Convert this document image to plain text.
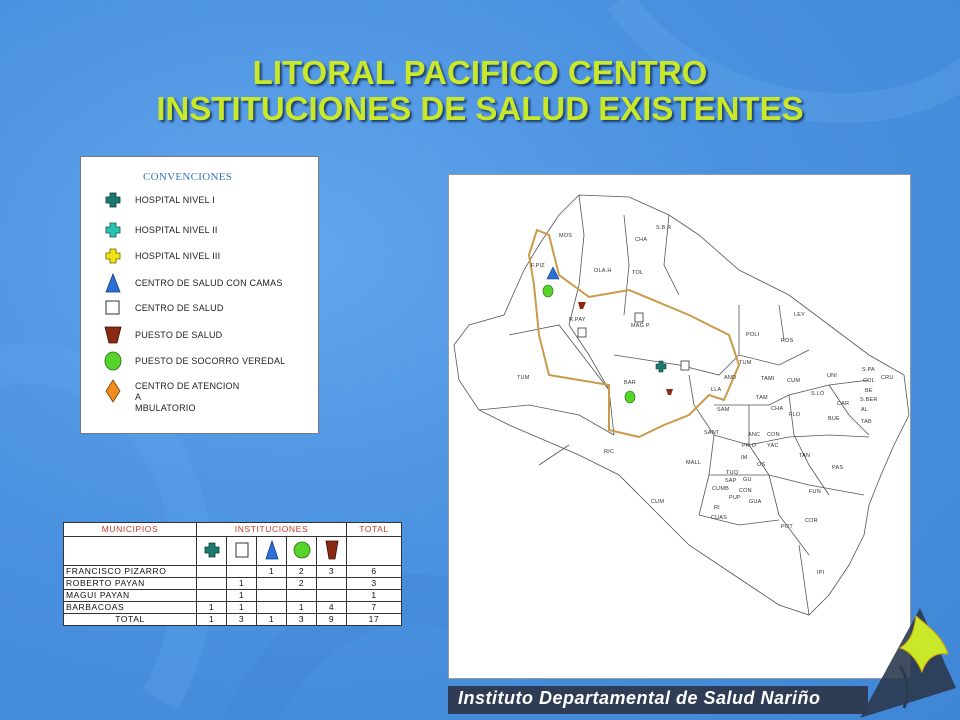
LITORAL PACIFICO CENTRO
INSTITUCIONES DE SALUD EXISTENTES
CONVENCIONES
HOSPITAL NIVEL I
HOSPITAL NIVEL II
HOSPITAL NIVEL III
CENTRO DE SALUD CON CAMAS
CENTRO DE SALUD
PUESTO DE SALUD
PUESTO DE SOCORRO VEREDAL
CENTRO DE ATENCION
A
MBULATORIO
MUNICIPIOS	INSTITUCIONES					TOTAL

FRANCISCO PIZARRO			1	2	3	6
ROBERTO PAYAN		1		2		3
MAGUI PAYAN		1				1
BARBACOAS	1	1		1	4	7
TOTAL	1	3	1	3	9	17
MOS
S.B R
CHA
F.PIZ
OLA.H	TOL
R.PAY
MAG P.
TUM
BAR
POLI
LEY
ROS
AND
LLA
TUM
TAMI
S.LO
CUM
UNI
S.PA
CRU
COL
BE
S.BER
AL
CAR
TAB
SAM
TAM
FLO
CHA
BUE
SANT	ANC CON
PR.O YAC
IM
OS
TAN
PAS
RIC
MALL
TUQ
SAP
CUMB
GU
CON	FUN
PUP
GUA
CUM
RI
CUAS
POT
COR
IPI
Instituto Departamental de Salud Nariño
